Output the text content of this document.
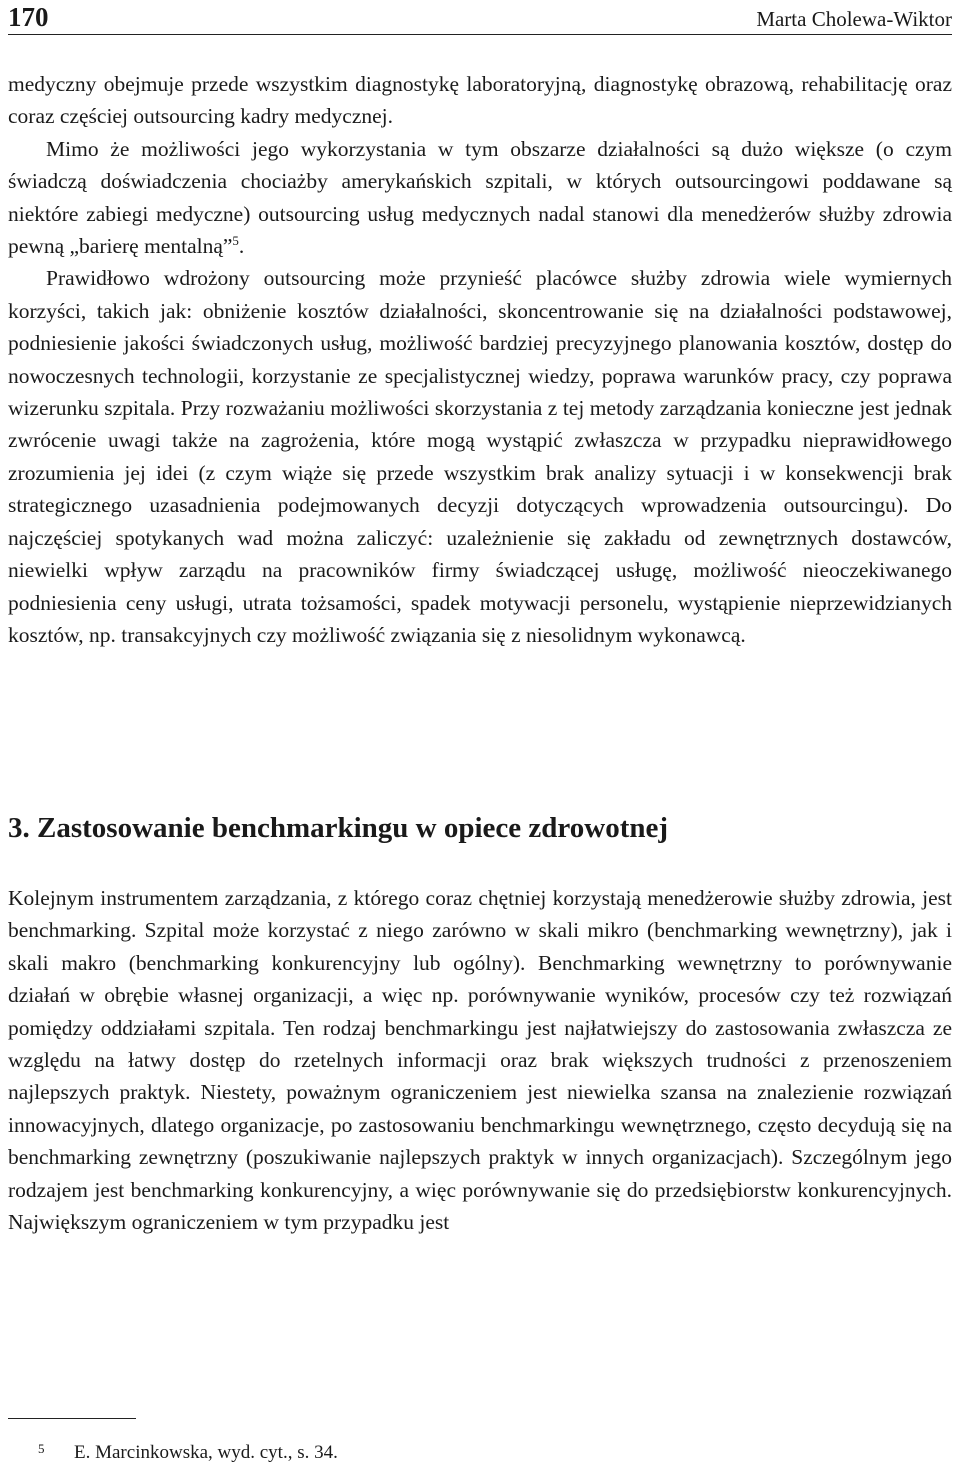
170	Marta Cholewa-Wiktor

medyczny obejmuje przede wszystkim diagnostykę laboratoryjną, diagnostykę obrazową, rehabilitację oraz coraz częściej outsourcing kadry medycznej.

Mimo że możliwości jego wykorzystania w tym obszarze działalności są dużo większe (o czym świadczą doświadczenia chociażby amerykańskich szpitali, w których outsourcingowi poddawane są niektóre zabiegi medyczne) outsourcing usług medycznych nadal stanowi dla menedżerów służby zdrowia pewną „barierę mentalną”$^5$.

Prawidłowo wdrożony outsourcing może przynieść placówce służby zdrowia wiele wymiernych korzyści, takich jak: obniżenie kosztów działalności, skoncentrowanie się na działalności podstawowej, podniesienie jakości świadczonych usług, możliwość bardziej precyzyjnego planowania kosztów, dostęp do nowoczesnych technologii, korzystanie ze specjalistycznej wiedzy, poprawa warunków pracy, czy poprawa wizerunku szpitala. Przy rozważaniu możliwości skorzystania z tej metody zarządzania konieczne jest jednak zwrócenie uwagi także na zagrożenia, które mogą wystąpić zwłaszcza w przypadku nieprawidłowego zrozumienia jej idei (z czym wiąże się przede wszystkim brak analizy sytuacji i w konsekwencji brak strategicznego uzasadnienia podejmowanych decyzji dotyczących wprowadzenia outsourcingu). Do najczęściej spotykanych wad można zaliczyć: uzależnienie się zakładu od zewnętrznych dostawców, niewielki wpływ zarządu na pracowników firmy świadczącej usługę, możliwość nieoczekiwanego podniesienia ceny usługi, utrata tożsamości, spadek motywacji personelu, wystąpienie nieprzewidzianych kosztów, np. transakcyjnych czy możliwość związania się z niesolidnym wykonawcą.

3. Zastosowanie benchmarkingu w opiece zdrowotnej

Kolejnym instrumentem zarządzania, z którego coraz chętniej korzystają menedżerowie służby zdrowia, jest benchmarking. Szpital może korzystać z niego zarówno w skali mikro (benchmarking wewnętrzny), jak i skali makro (benchmarking konkurencyjny lub ogólny). Benchmarking wewnętrzny to porównywanie działań w obrębie własnej organizacji, a więc np. porównywanie wyników, procesów czy też rozwiązań pomiędzy oddziałami szpitala. Ten rodzaj benchmarkingu jest najłatwiejszy do zastosowania zwłaszcza ze względu na łatwy dostęp do rzetelnych informacji oraz brak większych trudności z przenoszeniem najlepszych praktyk. Niestety, poważnym ograniczeniem jest niewielka szansa na znalezienie rozwiązań innowacyjnych, dlatego organizacje, po zastosowaniu benchmarkingu wewnętrznego, często decydują się na benchmarking zewnętrzny (poszukiwanie najlepszych praktyk w innych organizacjach). Szczególnym jego rodzajem jest benchmarking konkurencyjny, a więc porównywanie się do przedsiębiorstw konkurencyjnych. Największym ograniczeniem w tym przypadku jest

5 E. Marcinkowska, wyd. cyt., s. 34.
